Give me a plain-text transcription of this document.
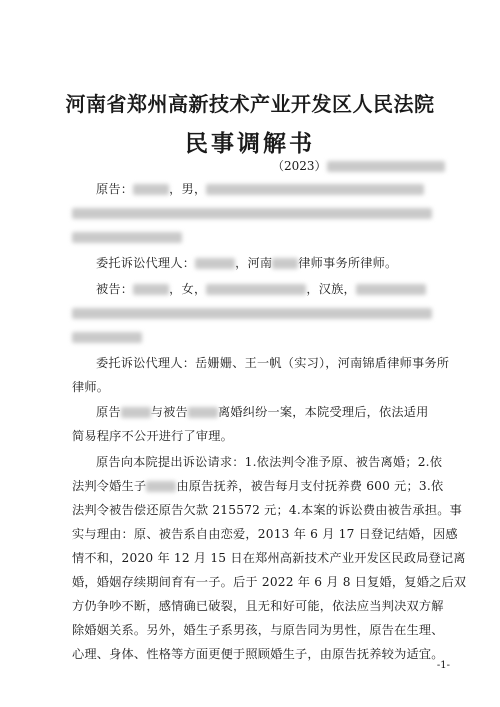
河南省郑州高新技术产业开发区人民法院
民事调解书
（2023）
原告：	，男，
委托诉讼代理人：	，河南 律师事务所律师。
被告：	，女，	，汉族，
委托诉讼代理人：岳姗姗、王一帆（实习），河南锦盾律师事务所
律师。
原告 与被告 离婚纠纷一案，本院受理后，依法适用
简易程序不公开进行了审理。
原告向本院提出诉讼请求：1.依法判令准予原、被告离婚；2.依
法判令婚生子 由原告抚养，被告每月支付抚养费 600 元；3.依
法判令被告偿还原告欠款 215572 元；4.本案的诉讼费由被告承担。事
实与理由：原、被告系自由恋爱，2013 年 6 月 17 日登记结婚，因感
情不和，2020 年 12 月 15 日在郑州高新技术产业开发区民政局登记离
婚，婚姻存续期间育有一子。后于 2022 年 6 月 8 日复婚，复婚之后双
方仍争吵不断，感情确已破裂，且无和好可能，依法应当判决双方解
除婚姻关系。另外，婚生子系男孩，与原告同为男性，原告在生理、
心理、身体、性格等方面更便于照顾婚生子，由原告抚养较为适宜。
-1-
